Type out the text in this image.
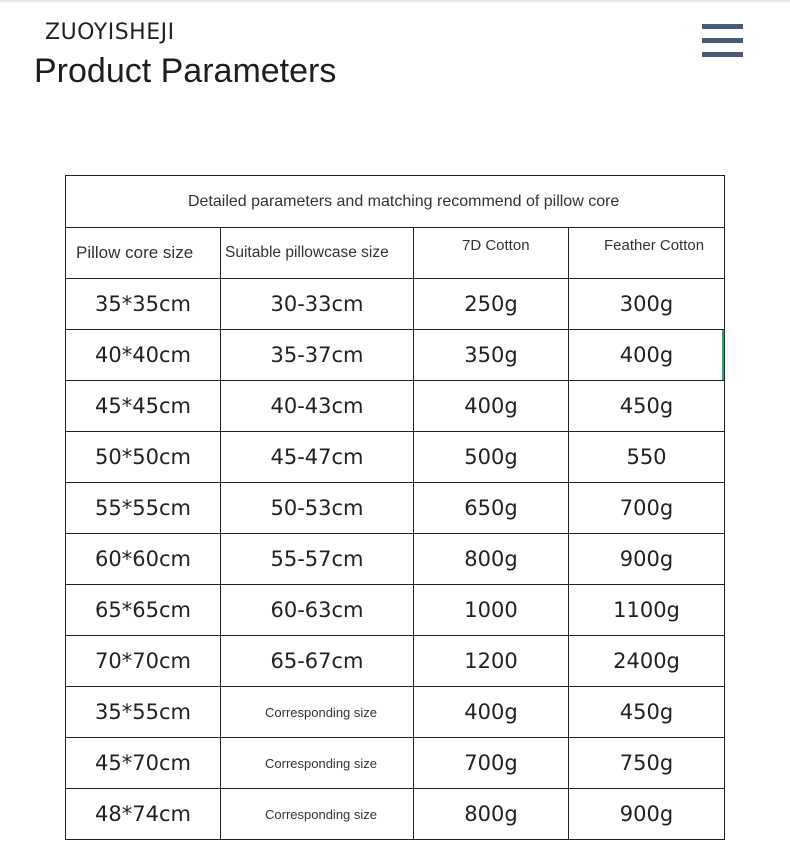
ZUOYISHEJI
Product Parameters
Detailed parameters and matching recommend of pillow core			
Pillow core size	Suitable pillowcase size	7D Cotton	Feather Cotton
35*35cm	30-33cm	250g	300g
40*40cm	35-37cm	350g	400g
45*45cm	40-43cm	400g	450g
50*50cm	45-47cm	500g	550
55*55cm	50-53cm	650g	700g
60*60cm	55-57cm	800g	900g
65*65cm	60-63cm	1000	1100g
70*70cm	65-67cm	1200	2400g
35*55cm	Corresponding size	400g	450g
45*70cm	Corresponding size	700g	750g
48*74cm	Corresponding size	800g	900g
